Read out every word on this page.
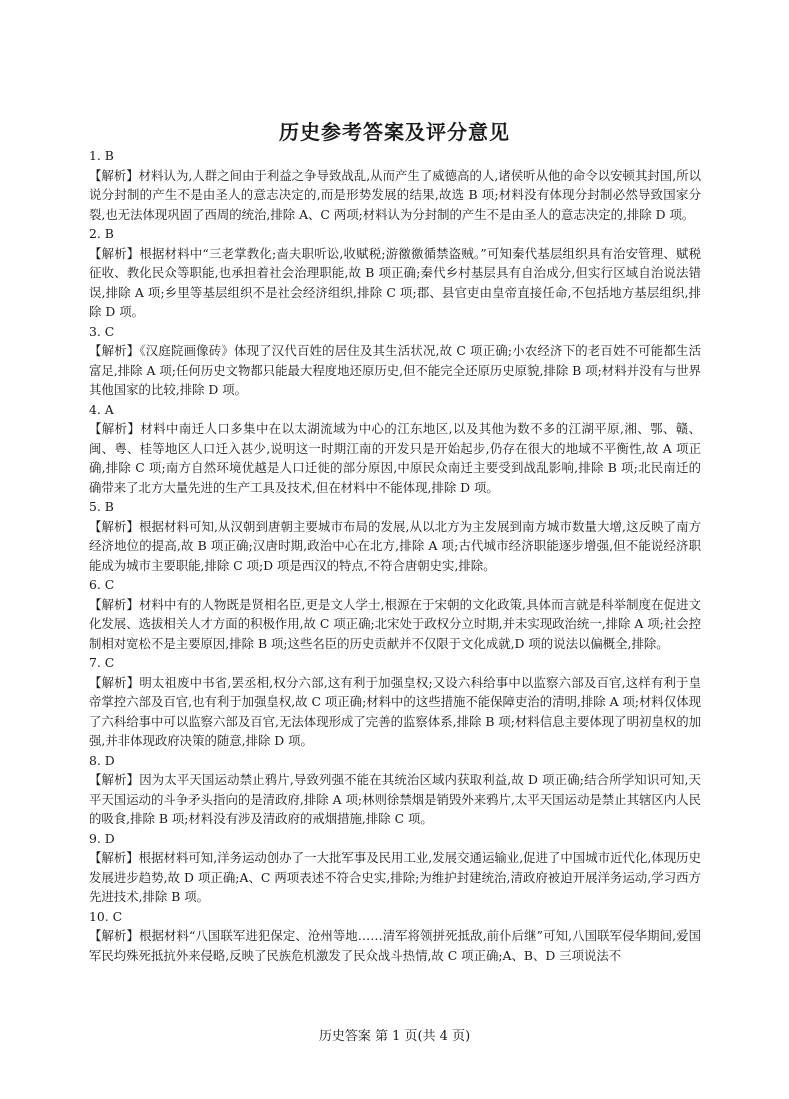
历史参考答案及评分意见

1. B

【解析】材料认为,人群之间由于利益之争导致战乱,从而产生了威德高的人,诸侯听从他的命令以安顿其封国,所以说分封制的产生不是由圣人的意志决定的,而是形势发展的结果,故选 B 项;材料没有体现分封制必然导致国家分裂,也无法体现巩固了西周的统治,排除 A、C 两项;材料认为分封制的产生不是由圣人的意志决定的,排除 D 项。

2. B

【解析】根据材料中“三老掌教化;啬夫职听讼,收赋税;游徼徼循禁盗贼。”可知秦代基层组织具有治安管理、赋税征收、教化民众等职能,也承担着社会治理职能,故 B 项正确;秦代乡村基层具有自治成分,但实行区域自治说法错误,排除 A 项;乡里等基层组织不是社会经济组织,排除 C 项;郡、县官吏由皇帝直接任命,不包括地方基层组织,排除 D 项。

3. C

【解析】《汉庭院画像砖》体现了汉代百姓的居住及其生活状况,故 C 项正确;小农经济下的老百姓不可能都生活富足,排除 A 项;任何历史文物都只能最大程度地还原历史,但不能完全还原历史原貌,排除 B 项;材料并没有与世界其他国家的比较,排除 D 项。

4. A

【解析】材料中南迁人口多集中在以太湖流域为中心的江东地区,以及其他为数不多的江湖平原,湘、鄂、赣、闽、粤、桂等地区人口迁入甚少,说明这一时期江南的开发只是开始起步,仍存在很大的地域不平衡性,故 A 项正确,排除 C 项;南方自然环境优越是人口迁徙的部分原因,中原民众南迁主要受到战乱影响,排除 B 项;北民南迁的确带来了北方大量先进的生产工具及技术,但在材料中不能体现,排除 D 项。

5. B

【解析】根据材料可知,从汉朝到唐朝主要城市布局的发展,从以北方为主发展到南方城市数量大增,这反映了南方经济地位的提高,故 B 项正确;汉唐时期,政治中心在北方,排除 A 项;古代城市经济职能逐步增强,但不能说经济职能成为城市主要职能,排除 C 项;D 项是西汉的特点,不符合唐朝史实,排除。

6. C

【解析】材料中有的人物既是贤相名臣,更是文人学士,根源在于宋朝的文化政策,具体而言就是科举制度在促进文化发展、选拔相关人才方面的积极作用,故 C 项正确;北宋处于政权分立时期,并未实现政治统一,排除 A 项;社会控制相对宽松不是主要原因,排除 B 项;这些名臣的历史贡献并不仅限于文化成就,D 项的说法以偏概全,排除。

7. C

【解析】明太祖废中书省,罢丞相,权分六部,这有利于加强皇权;又设六科给事中以监察六部及百官,这样有利于皇帝掌控六部及百官,也有利于加强皇权,故 C 项正确;材料中的这些措施不能保障吏治的清明,排除 A 项;材料仅体现了六科给事中可以监察六部及百官,无法体现形成了完善的监察体系,排除 B 项;材料信息主要体现了明初皇权的加强,并非体现政府决策的随意,排除 D 项。

8. D

【解析】因为太平天国运动禁止鸦片,导致列强不能在其统治区域内获取利益,故 D 项正确;结合所学知识可知,天平天国运动的斗争矛头指向的是清政府,排除 A 项;林则徐禁烟是销毁外来鸦片,太平天国运动是禁止其辖区内人民的吸食,排除 B 项;材料没有涉及清政府的戒烟措施,排除 C 项。

9. D

【解析】根据材料可知,洋务运动创办了一大批军事及民用工业,发展交通运输业,促进了中国城市近代化,体现历史发展进步趋势,故 D 项正确;A、C 两项表述不符合史实,排除;为维护封建统治,清政府被迫开展洋务运动,学习西方先进技术,排除 B 项。

10. C

【解析】根据材料“八国联军进犯保定、沧州等地……清军将领拼死抵敌,前仆后继”可知,八国联军侵华期间,爱国军民均殊死抵抗外来侵略,反映了民族危机激发了民众战斗热情,故 C 项正确;A、B、D 三项说法不

历史答案 第 1 页(共 4 页)
